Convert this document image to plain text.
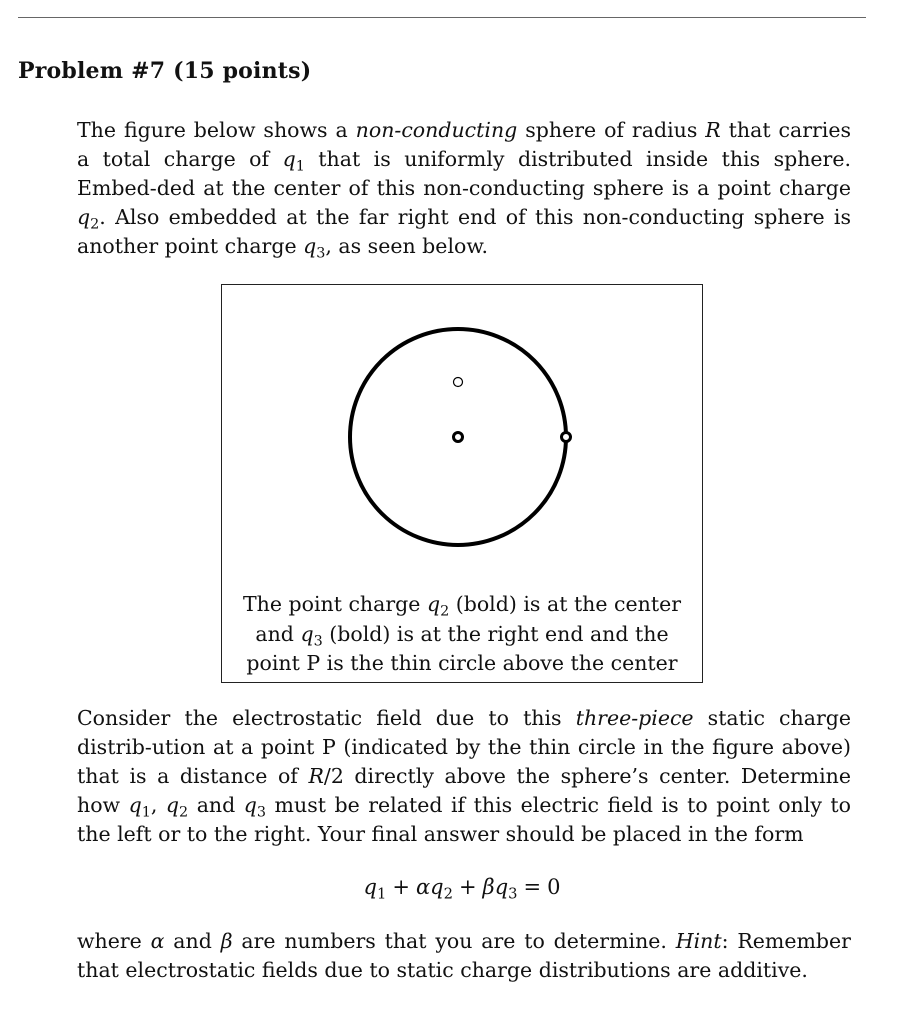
Problem #7 (15 points)
The figure below shows a non-conducting sphere of radius R that carries a total charge of $q_1$ that is uniformly distributed inside this sphere. Embed-ded at the center of this non-conducting sphere is a point charge $q_2$. Also embedded at the far right end of this non-conducting sphere is another point charge $q_3$, as seen below.
The point charge $q_2$ (bold) is at the center
and $q_3$ (bold) is at the right end and the
point P is the thin circle above the center
Consider the electrostatic field due to this three-piece static charge distrib-ution at a point P (indicated by the thin circle in the figure above) that is a distance of R/2 directly above the sphere’s center. Determine how $q_1$, $q_2$ and $q_3$ must be related if this electric field is to point only to the left or to the right. Your final answer should be placed in the form
$q_1 + \alpha q_2 + \beta q_3 = 0$
where α and β are numbers that you are to determine. Hint: Remember that electrostatic fields due to static charge distributions are additive.
